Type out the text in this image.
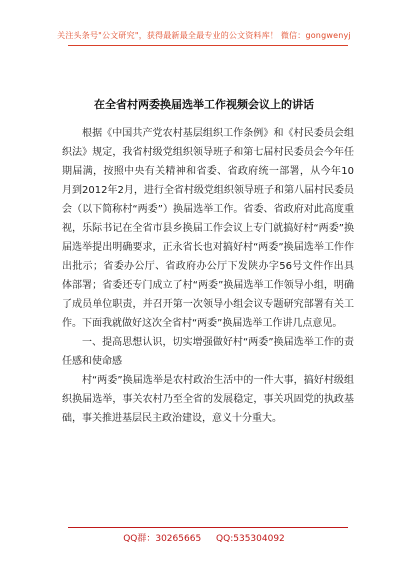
关注头条号"公文研究"，获得最新最全最专业的公文资料库！ 微信：gongwenyj
在全省村两委换届选举工作视频会议上的讲话

根据《中国共产党农村基层组织工作条例》和《村民委员会组织法》规定，我省村级党组织领导班子和第七届村民委员会今年任期届满，按照中央有关精神和省委、省政府统一部署，从今年10月到2012年2月，进行全省村级党组织领导班子和第八届村民委员会（以下简称村“两委”）换届选举工作。省委、省政府对此高度重视，乐际书记在全省市县乡换届工作会议上专门就搞好村“两委”换届选举提出明确要求，正永省长也对搞好村“两委”换届选举工作作出批示；省委办公厅、省政府办公厅下发陕办字56号文件作出具体部署；省委还专门成立了村“两委”换届选举工作领导小组，明确了成员单位职责，并召开第一次领导小组会议专题研究部署有关工作。下面我就做好这次全省村“两委”换届选举工作讲几点意见。

一、提高思想认识，切实增强做好村“两委”换届选举工作的责任感和使命感

村“两委”换届选举是农村政治生活中的一件大事，搞好村级组织换届选举，事关农村乃至全省的发展稳定，事关巩固党的执政基础，事关推进基层民主政治建设，意义十分重大。

QQ群：30265665 QQ:535304092
